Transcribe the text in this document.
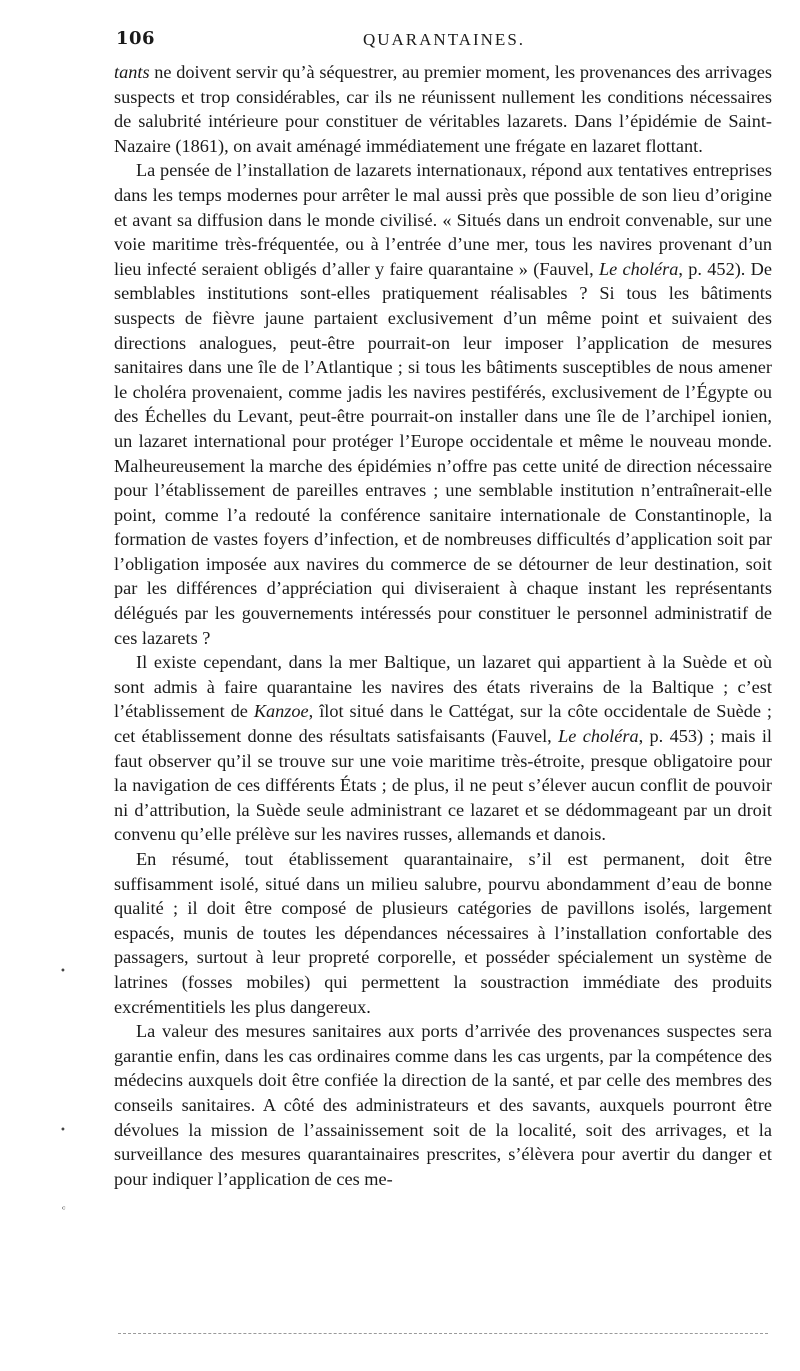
106	QUARANTAINES.

tants ne doivent servir qu’à séquestrer, au premier moment, les provenances des arrivages suspects et trop considérables, car ils ne réunissent nullement les conditions nécessaires de salubrité intérieure pour constituer de véritables lazarets. Dans l’épidémie de Saint-Nazaire (1861), on avait aménagé immédiatement une frégate en lazaret flottant.

La pensée de l’installation de lazarets internationaux, répond aux tentatives entreprises dans les temps modernes pour arrêter le mal aussi près que possible de son lieu d’origine et avant sa diffusion dans le monde civilisé. « Situés dans un endroit convenable, sur une voie maritime très-fréquentée, ou à l’entrée d’une mer, tous les navires provenant d’un lieu infecté seraient obligés d’aller y faire quarantaine » (Fauvel, Le choléra, p. 452). De semblables institutions sont-elles pratiquement réalisables ? Si tous les bâtiments suspects de fièvre jaune partaient exclusivement d’un même point et suivaient des directions analogues, peut-être pourrait-on leur imposer l’application de mesures sanitaires dans une île de l’Atlantique ; si tous les bâtiments susceptibles de nous amener le choléra provenaient, comme jadis les navires pestiférés, exclusivement de l’Égypte ou des Échelles du Levant, peut-être pourrait-on installer dans une île de l’archipel ionien, un lazaret international pour protéger l’Europe occidentale et même le nouveau monde. Malheureusement la marche des épidémies n’offre pas cette unité de direction nécessaire pour l’établissement de pareilles entraves ; une semblable institution n’entraînerait-elle point, comme l’a redouté la conférence sanitaire internationale de Constantinople, la formation de vastes foyers d’infection, et de nombreuses difficultés d’application soit par l’obligation imposée aux navires du commerce de se détourner de leur destination, soit par les différences d’appréciation qui diviseraient à chaque instant les représentants délégués par les gouvernements intéressés pour constituer le personnel administratif de ces lazarets ?

Il existe cependant, dans la mer Baltique, un lazaret qui appartient à la Suède et où sont admis à faire quarantaine les navires des états riverains de la Baltique ; c’est l’établissement de Kanzoe, îlot situé dans le Cattégat, sur la côte occidentale de Suède ; cet établissement donne des résultats satisfaisants (Fauvel, Le choléra, p. 453) ; mais il faut observer qu’il se trouve sur une voie maritime très-étroite, presque obligatoire pour la navigation de ces différents États ; de plus, il ne peut s’élever aucun conflit de pouvoir ni d’attribution, la Suède seule administrant ce lazaret et se dédommageant par un droit convenu qu’elle prélève sur les navires russes, allemands et danois.

En résumé, tout établissement quarantainaire, s’il est permanent, doit être suffisamment isolé, situé dans un milieu salubre, pourvu abondamment d’eau de bonne qualité ; il doit être composé de plusieurs catégories de pavillons isolés, largement espacés, munis de toutes les dépendances nécessaires à l’installation confortable des passagers, surtout à leur propreté corporelle, et posséder spécialement un système de latrines (fosses mobiles) qui permettent la soustraction immédiate des produits excrémentitiels les plus dangereux.

La valeur des mesures sanitaires aux ports d’arrivée des provenances suspectes sera garantie enfin, dans les cas ordinaires comme dans les cas urgents, par la compétence des médecins auxquels doit être confiée la direction de la santé, et par celle des membres des conseils sanitaires. A côté des administrateurs et des savants, auxquels pourront être dévolues la mission de l’assainissement soit de la localité, soit des arrivages, et la surveillance des mesures quarantainaires prescrites, s’élèvera pour avertir du danger et pour indiquer l’application de ces me-

•
•
ᶜ
